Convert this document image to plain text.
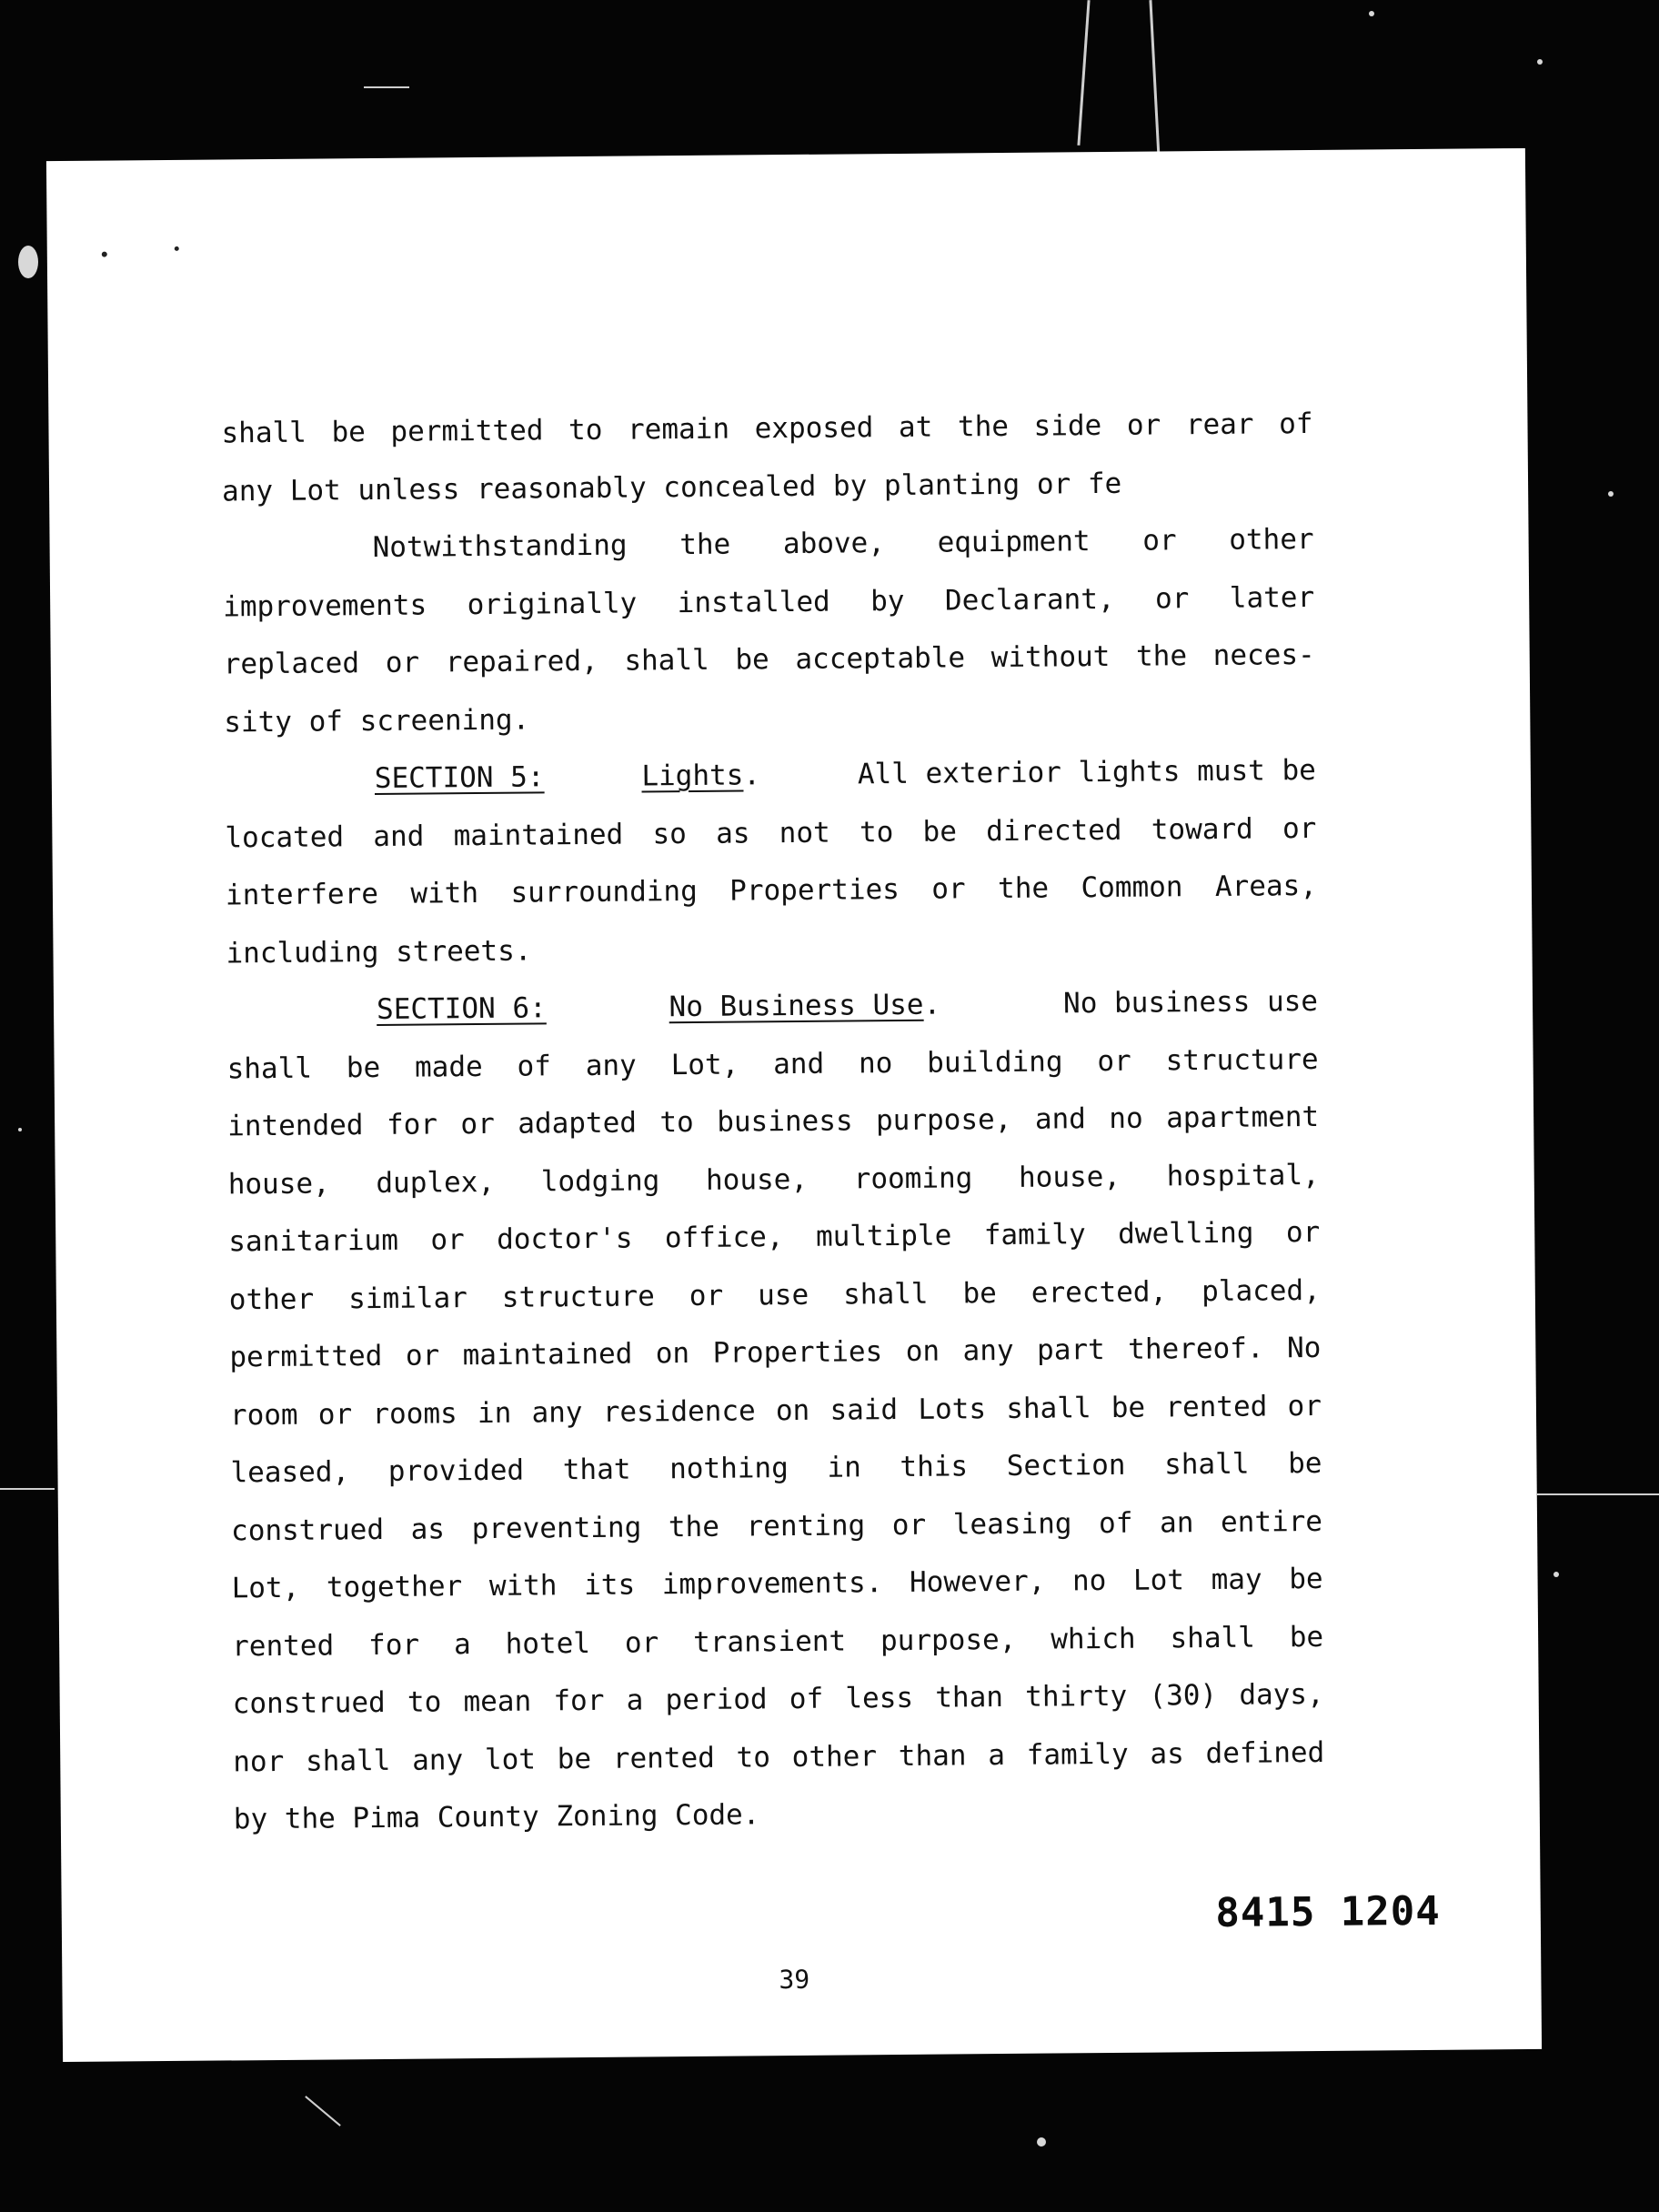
shall be permitted to remain exposed at the side or rear of
any Lot unless reasonably concealed by planting or fe
Notwithstanding the above, equipment or other
improvements originally installed by Declarant, or later
replaced or repaired, shall be acceptable without the neces-
sity of screening.
SECTION 5:	Lights.	All exterior lights must be
located and maintained so as not to be directed toward or
interfere with surrounding Properties or the Common Areas,
including streets.
SECTION 6:	No Business Use.	No business use
shall be made of any Lot, and no building or structure
intended for or adapted to business purpose, and no apartment
house, duplex, lodging house, rooming house, hospital,
sanitarium or doctor's office, multiple family dwelling or
other similar structure or use shall be erected, placed,
permitted or maintained on Properties on any part thereof. No
room or rooms in any residence on said Lots shall be rented or
leased, provided that nothing in this Section shall be
construed as preventing the renting or leasing of an entire
Lot, together with its improvements. However, no Lot may be
rented for a hotel or transient purpose, which shall be
construed to mean for a period of less than thirty (30) days,
nor shall any lot be rented to other than a family as defined
by the Pima County Zoning Code.
8415 1204
39
